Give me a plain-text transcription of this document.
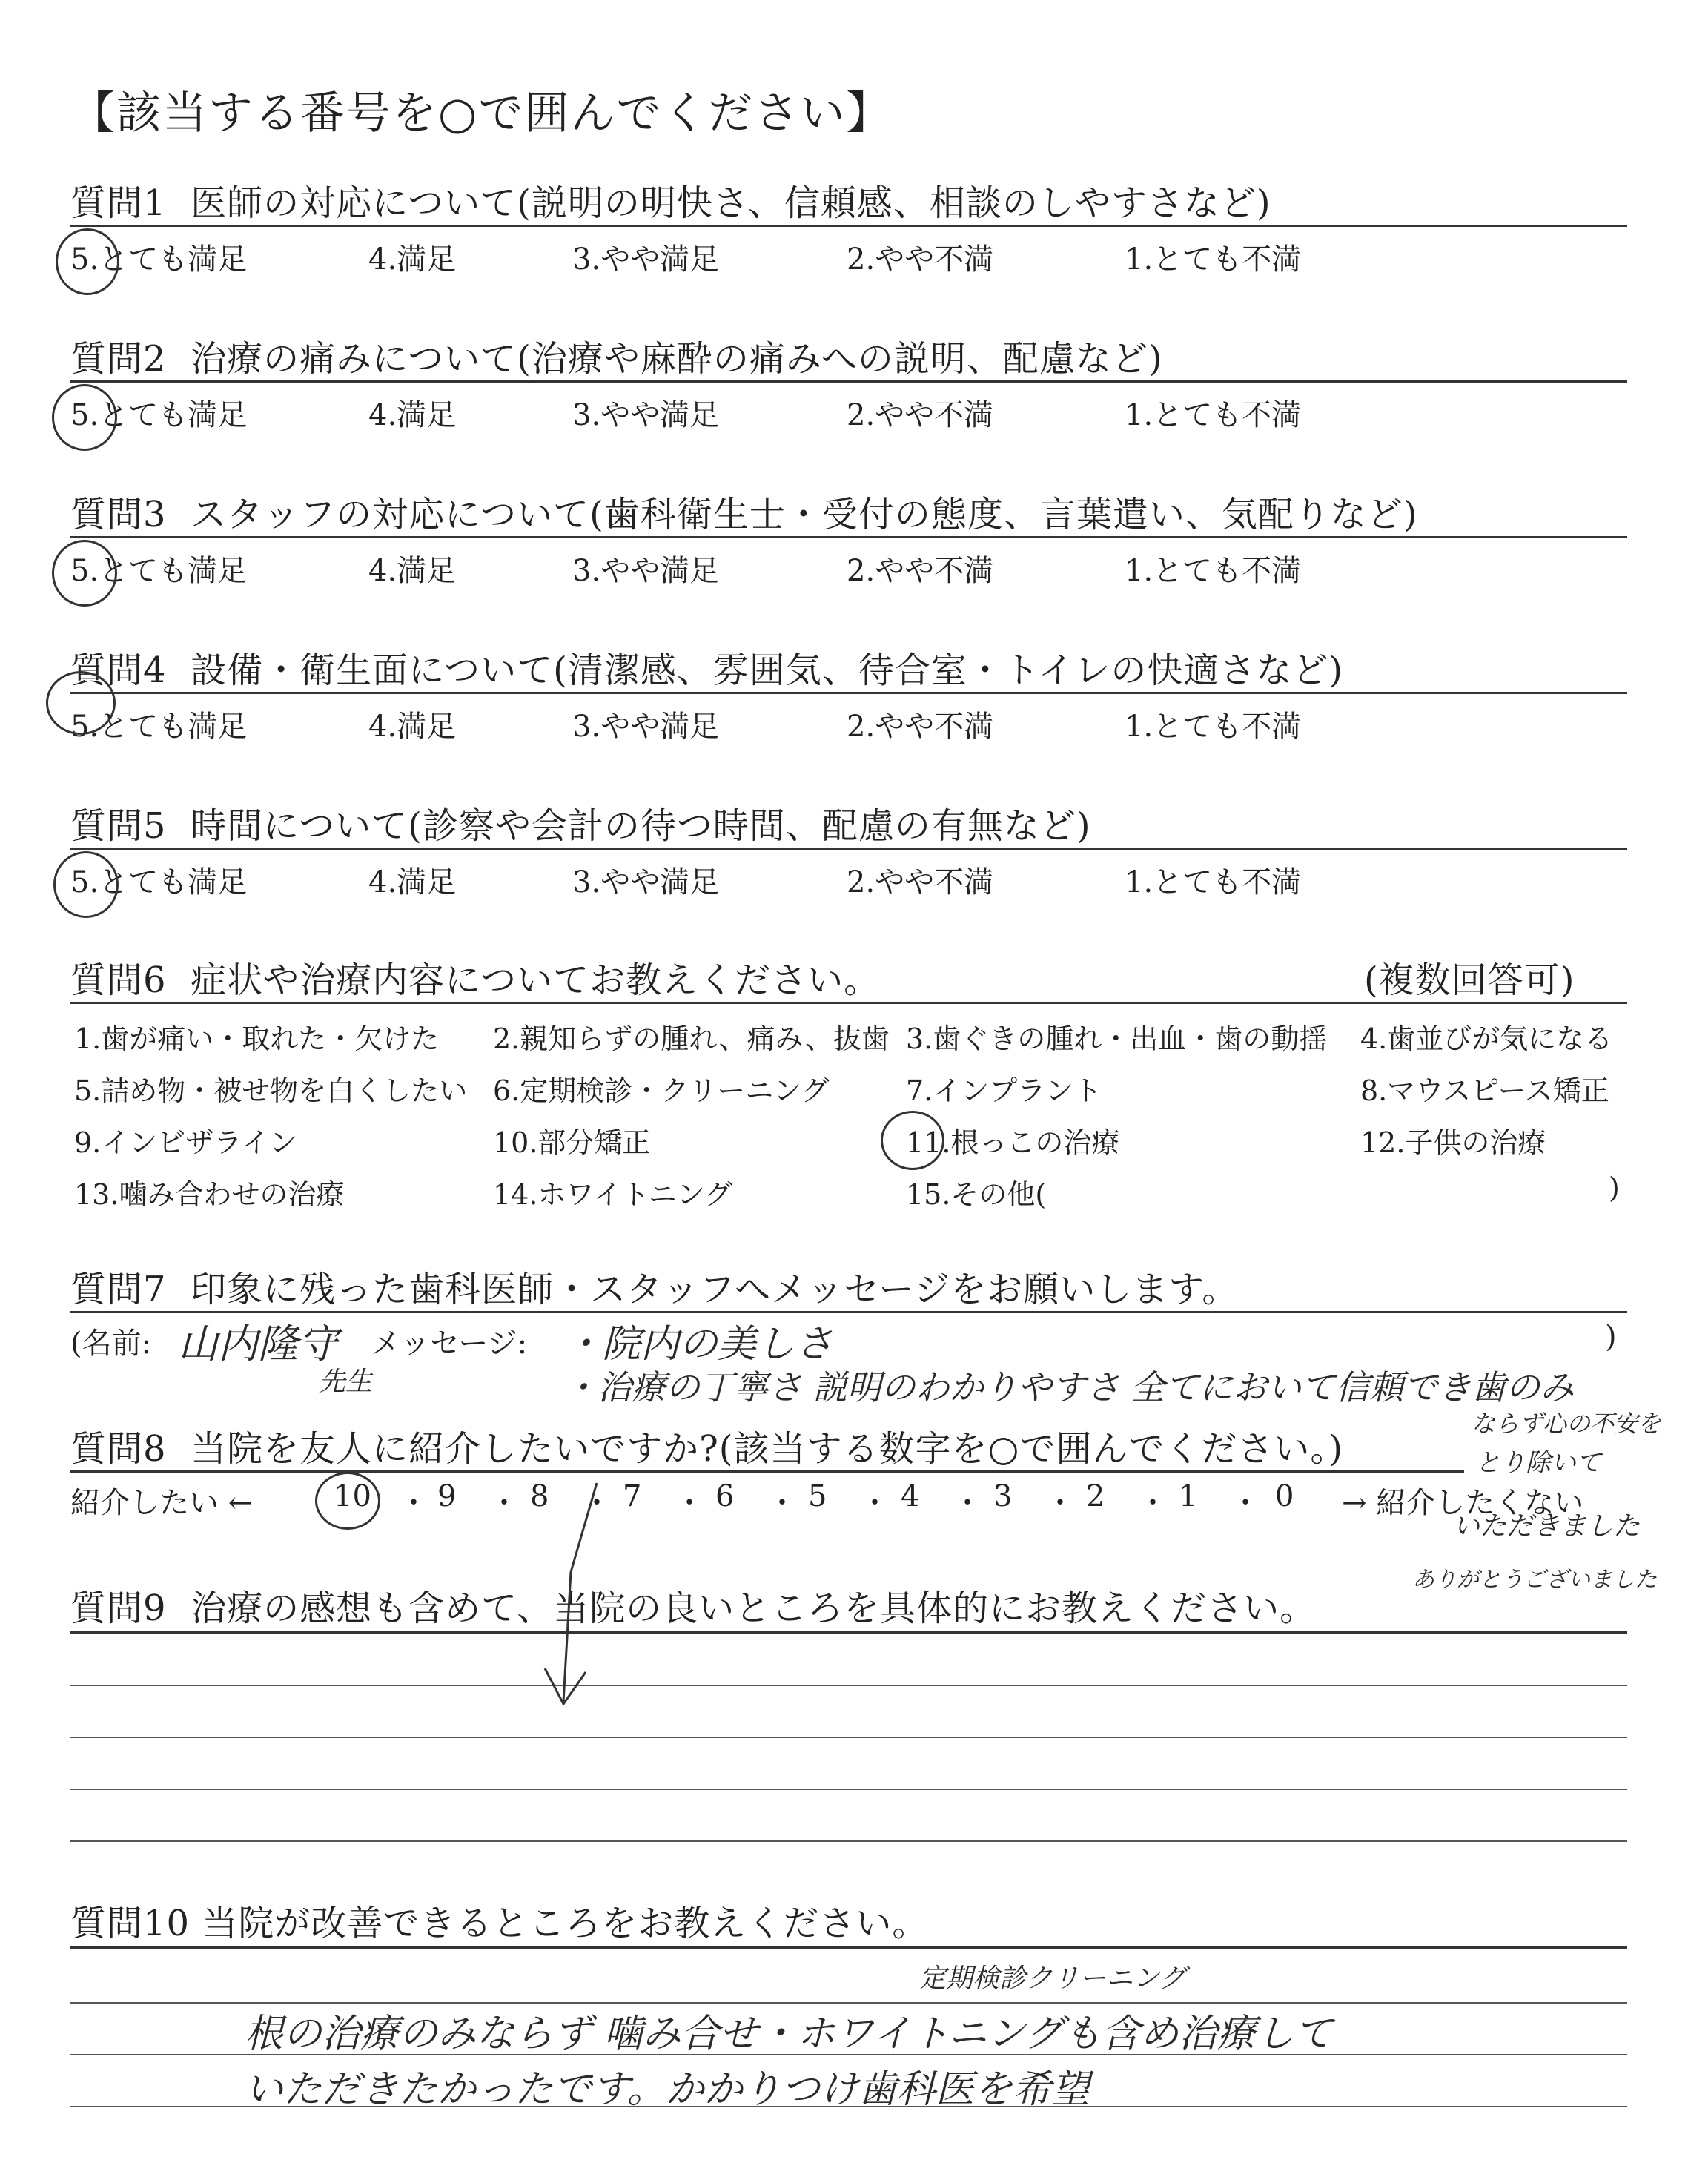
【該当する番号を○で囲んでください】
質問1 医師の対応について(説明の明快さ、信頼感、相談のしやすさなど)
5.とても満足	4.満足	3.やや満足	2.やや不満	1.とても不満
質問2 治療の痛みについて(治療や麻酔の痛みへの説明、配慮など)
5.とても満足	4.満足	3.やや満足	2.やや不満	1.とても不満
質問3 スタッフの対応について(歯科衛生士・受付の態度、言葉遣い、気配りなど)
5.とても満足	4.満足	3.やや満足	2.やや不満	1.とても不満
質問4 設備・衛生面について(清潔感、雰囲気、待合室・トイレの快適さなど)
5.とても満足	4.満足	3.やや満足	2.やや不満	1.とても不満
質問5 時間について(診察や会計の待つ時間、配慮の有無など)
5.とても満足	4.満足	3.やや満足	2.やや不満	1.とても不満
質問6 症状や治療内容についてお教えください。	(複数回答可)
1.歯が痛い・取れた・欠けた 2.親知らずの腫れ、痛み、抜歯 3.歯ぐきの腫れ・出血・歯の動揺 4.歯並びが気になる
5.詰め物・被せ物を白くしたい 6.定期検診・クリーニング	7.インプラント	8.マウスピース矯正
9.インビザライン	10.部分矯正	11.根っこの治療	12.子供の治療
13.噛み合わせの治療	14.ホワイトニング	15.その他(	)
質問7 印象に残った歯科医師・スタッフへメッセージをお願いします。
(名前: 山内隆守
先生
メッセージ: ・院内の美しさ	)
・治療の丁寧さ 説明のわかりやすさ 全てにおいて信頼でき歯のみ
ならず心の不安を
とり除いて
いただきました
ありがとうございました
質問8 当院を友人に紹介したいですか?(該当する数字を○で囲んでください。)
紹介したい ←	10 ・ 9 ・ 8 ・ 7 ・ 6 ・ 5 ・ 4 ・ 3 ・ 2 ・ 1 ・ 0 → 紹介したくない
質問9 治療の感想も含めて、当院の良いところを具体的にお教えください。
質問10 当院が改善できるところをお教えください。
定期検診クリーニング
根の治療のみならず 噛み合せ・ホワイトニングも含め治療して
いただきたかったです。かかりつけ歯科医を希望
